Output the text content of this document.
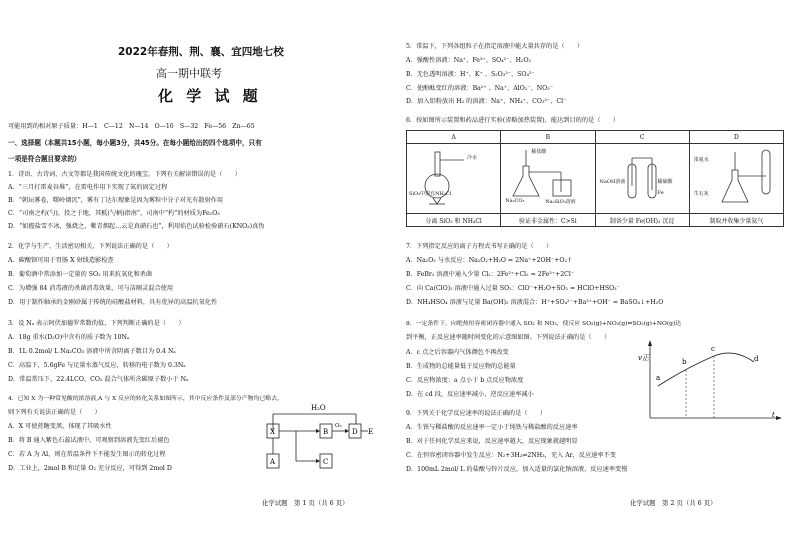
2022年春荆、荆、襄、宜四地七校
高一期中联考
化 学 试 题
可能用到的相对原子质量：H—1　C—12　N—14　O—16　S—32　Fe—56　Zn—65
一、选择题（本题共15小题，每小题3分，共45分。在每小题给出的四个选项中，只有
一项是符合题目要求的）
1．诗语、古诗词、古文等都是我国传统文化的瑰宝。下列有关解读错误的是（　　）
A．“三月打雷麦谷堆”，在雷电作用下实现了氮的固定过程
B．“朝坛雾卷，曙岭烟沉”，雾有丁达尔现象是因为雾粒中分子对光有散射作用
C．“司南之杓(勺)，投之于地，其柢(勺柄)指南”，司南中“杓”的材质为Fe₂O₃
D．“如握盐雪不冰，强烧之，紫青烟起…云是真硝石也”，利用焰色试验检验硝石(KNO₃)真伪
2．化学与生产、生活密切相关，下列说法正确的是（　　）
A．碳酸钡可用于胃肠 X 射线造影检查
B．葡萄酒中常添加一定量的 SO₂ 用来抗氧化和杀菌
C．为增强 84 消毒液的杀菌消毒效果，可与洁厕灵混合使用
D．用于制作轴承的金刚砂属于传统的硅酸盐材料，具有优异的高温抗氧化性
3．设 Nₐ 表示阿伏加德罗常数的值，下列判断正确的是（　　）
A．18g 重水(D₂O)中含有的质子数为 10Nₐ
B．1L 0.2mol/ L Na₂CO₃ 溶液中所含阴离子数目为 0.4 Nₐ
C．高温下，5.6gFe 与足量水蒸气反应，转移的电子数为 0.3Nₐ
D．常温常压下，22.4LCO、CO₂ 混合气体所含碳原子数小于 Nₐ
4．已知 X 为一种常见酸的浓溶液,A 与 X 反应的转化关系如图所示，其中反应条件及部分产物均已略去，
则下列有关说法正确的是（　　）
A．X 可使蔗糖变黑，体现了其吸水性
B．将 B 通入紫色石蕊试液中，可观察到溶液先变红后褪色
C．若 A 为 Al，则在常温条件下不能发生图示的转化过程
D．工业上，2mol B 和足量 O₂ 充分反应，可得到 2mol D
H₂O
X	B
O₂
D E
A	C
化学试题　第 1 页（共 6 页）
5．常温下，下列各组粒子在指定溶液中能大量共存的是（　　）
A．强酸性溶液：Na⁺、Fe³⁺、SO₄²⁻、H₂O₂
B．无色透明溶液：H⁺、K⁺ 、S₂O₃²⁻、SO₄²⁻
C．使酚酞变红的溶液：Ba²⁺ 、Na⁺、AlO₂⁻、NO₃⁻
D．加入铝粉放出 H₂ 的溶液：Na⁺、NH₄⁺、CO₃²⁻、Cl⁻
6．按如图所示装置和药品进行实验(省略加热装置)，能达到目的的是（　　）
A	B	C	D

SiO₂中混有NH₄Cl
冷水	稀盐酸
Na₂CO₃ Na₂SiO₃溶液	NaOH溶液 稀硫酸
Fe	浓氨水
生石灰

分离 SiO₂ 和 NH₄Cl	验证非金属性：C>Si	制备少量 Fe(OH)₂ 沉淀	制取并收集少量氨气
7．下列指定反应的离子方程式书写正确的是（　　）
A．Na₂O₂ 与水反应：Na₂O₂+H₂O = 2Na⁺+2OH⁻+O₂↑
B．FeBr₂ 溶液中通入少量 Cl₂：2Fe²⁺+Cl₂ = 2Fe³⁺+2Cl⁻
C．向 Ca(ClO)₂ 溶液中通入过量 SO₂：ClO⁻+H₂O+SO₂ = HClO+HSO₃⁻
D．NH₄HSO₄ 溶液与足量 Ba(OH)₂ 溶液混合：H⁺+SO₄²⁻+Ba²⁺+OH⁻ = BaSO₄↓+H₂O
8．一定条件下，向绝热恒容密闭容器中通入 SO₂ 和 NO₂，使反应 SO₂(g)+NO₂(g)⇌SO₃(g)+NO(g)达
到平衡，正反应速率随时间变化的示意图如图。下列说法正确的是（　　）
A．c 点之后容器内气体颜色不再改变
B．生成物的总能量低于反应物的总能量
C．反应物浓度：a 点小于 b 点反应物浓度
D．在 cd 段，反应速率减小，逆反应速率减小
v正
t
a
b
c
d
9．下列关于化学反应速率的说法正确的是（　　）
A．生铁与稀盐酸的反应速率一定小于纯铁与稀盐酸的反应速率
B．对于任何化学反应来说，反应速率越大，反应现象就越明显
C．在恒容密闭容器中发生反应：N₂+3H₂⇌2NH₃，充入 Ar，反应速率不变
D．100mL 2mol/ L 的盐酸与锌片反应，加入适量的氯化钠溶液，反应速率变慢
化学试题　第 2 页（共 6 页）
